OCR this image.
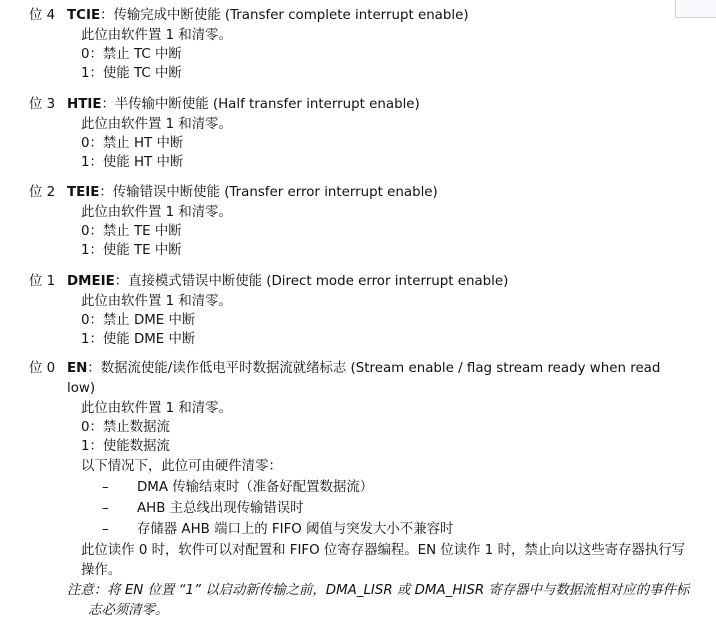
位 4 TCIE：传输完成中断使能 (Transfer complete interrupt enable)
此位由软件置 1 和清零。
0：禁止 TC 中断
1：使能 TC 中断
位 3 HTIE：半传输中断使能 (Half transfer interrupt enable)
此位由软件置 1 和清零。
0：禁止 HT 中断
1：使能 HT 中断
位 2 TEIE：传输错误中断使能 (Transfer error interrupt enable)
此位由软件置 1 和清零。
0：禁止 TE 中断
1：使能 TE 中断
位 1 DMEIE：直接模式错误中断使能 (Direct mode error interrupt enable)
此位由软件置 1 和清零。
0：禁止 DME 中断
1：使能 DME 中断
位 0 EN：数据流使能/读作低电平时数据流就绪标志 (Stream enable / flag stream ready when read low)
此位由软件置 1 和清零。
0：禁止数据流
1：使能数据流
以下情况下，此位可由硬件清零：
– DMA 传输结束时（准备好配置数据流）
– AHB 主总线出现传输错误时
– 存储器 AHB 端口上的 FIFO 阈值与突发大小不兼容时
此位读作 0 时，软件可以对配置和 FIFO 位寄存器编程。EN 位读作 1 时，禁止向以这些寄存器执行写操作。
注意：将 EN 位置 “1” 以启动新传输之前，DMA_LISR 或 DMA_HISR 寄存器中与数据流相对应的事件标志必须清零。
